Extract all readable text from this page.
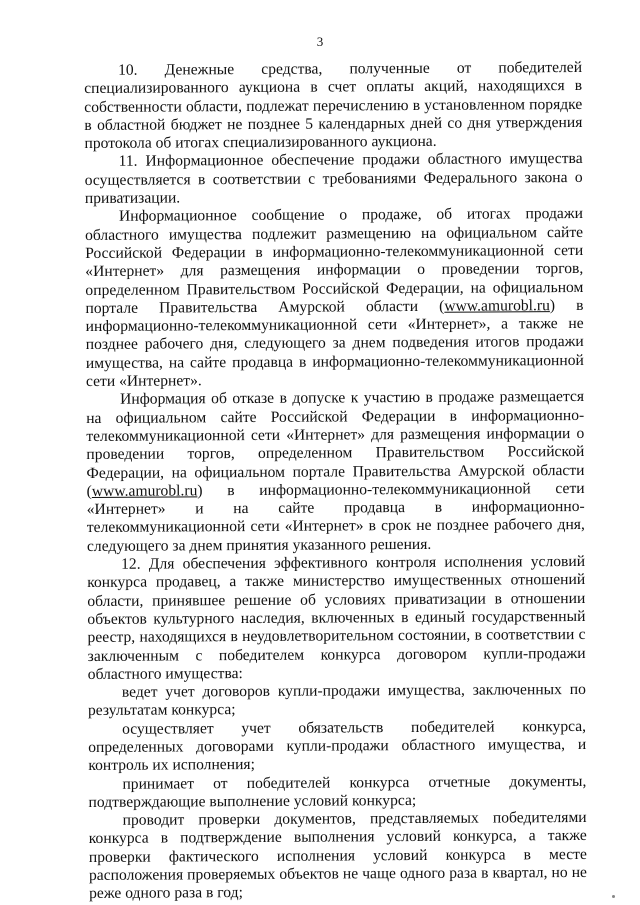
3

10. Денежные средства, полученные от победителей специализированного аукциона в счет оплаты акций, находящихся в собственности области, подлежат перечислению в установленном порядке в областной бюджет не позднее 5 календарных дней со дня утверждения протокола об итогах специализированного аукциона.

11. Информационное обеспечение продажи областного имущества осуществляется в соответствии с требованиями Федерального закона о приватизации.

Информационное сообщение о продаже, об итогах продажи областного имущества подлежит размещению на официальном сайте Российской Федерации в информационно-телекоммуникационной сети «Интернет» для размещения информации о проведении торгов, определенном Правительством Российской Федерации, на официальном портале Правительства Амурской области (www.amurobl.ru) в информационно-телекоммуникационной сети «Интернет», а также не позднее рабочего дня, следующего за днем подведения итогов продажи имущества, на сайте продавца в информационно-телекоммуникационной сети «Интернет».

Информация об отказе в допуске к участию в продаже размещается на официальном сайте Российской Федерации в информационно-телекоммуникационной сети «Интернет» для размещения информации о проведении торгов, определенном Правительством Российской Федерации, на официальном портале Правительства Амурской области (www.amurobl.ru) в информационно-телекоммуникационной сети «Интернет» и на сайте продавца в информационно-телекоммуникационной сети «Интернет» в срок не позднее рабочего дня, следующего за днем принятия указанного решения.

12. Для обеспечения эффективного контроля исполнения условий конкурса продавец, а также министерство имущественных отношений области, принявшее решение об условиях приватизации в отношении объектов культурного наследия, включенных в единый государственный реестр, находящихся в неудовлетворительном состоянии, в соответствии с заключенным с победителем конкурса договором купли-продажи областного имущества:

ведет учет договоров купли-продажи имущества, заключенных по результатам конкурса;

осуществляет учет обязательств победителей конкурса, определенных договорами купли-продажи областного имущества, и контроль их исполнения;

принимает от победителей конкурса отчетные документы, подтверждающие выполнение условий конкурса;

проводит проверки документов, представляемых победителями конкурса в подтверждение выполнения условий конкурса, а также проверки фактического исполнения условий конкурса в месте расположения проверяемых объектов не чаще одного раза в квартал, но не реже одного раза в год;
